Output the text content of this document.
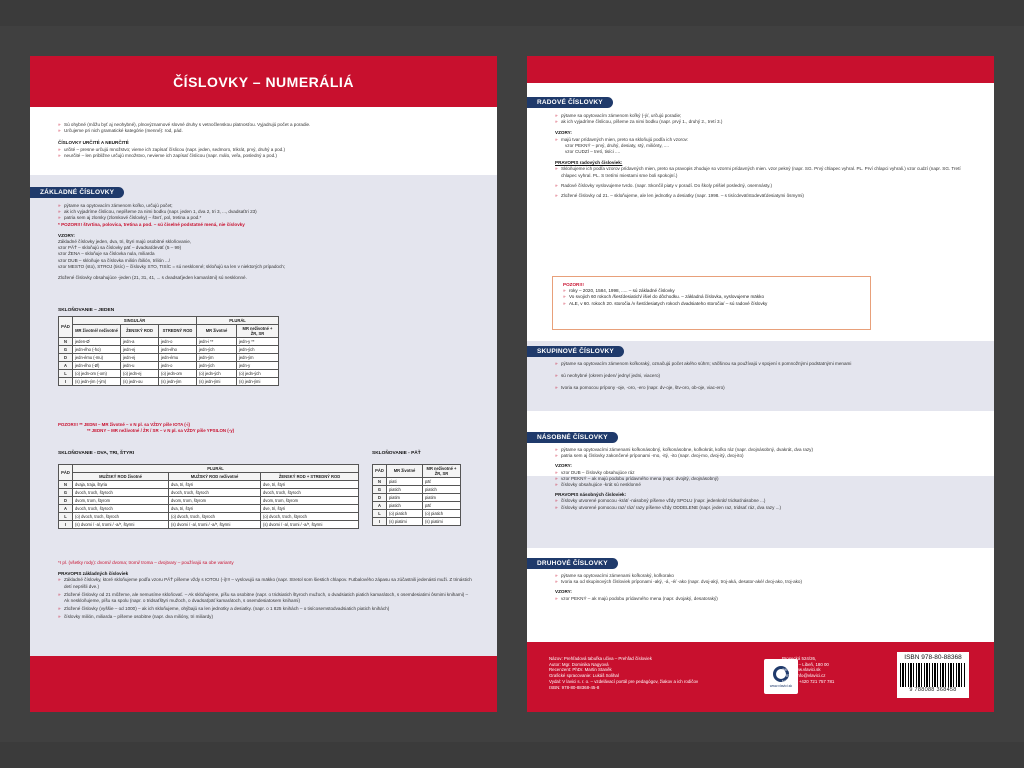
ČÍSLOVKY – NUMERÁLIÁ
» Sú ohybné (môžu byť aj neohybné), plnovýznamové slovné druhy s vetnočlenskou platnosťou. Vyjadrujú počet a poradie.
» Určujeme pri nich gramatické kategórie (menné): rod, pád.
ČÍSLOVKY URČITÉ A NEURČITÉ
» určité – presne určujú množstvo; vieme ich zapísať číslicou (napr. jeden, sedmoro, trikrát, prvý, druhý a pod.)
» neurčité – len približne určujú množstvo, nevieme ich zapísať číslicou (napr. málo, veľa, posledný a pod.)
ZÁKLADNÉ ČÍSLOVKY
» pýtame sa opytovacím zámenom koľko, určujú počet;
» ak ich vyjadríme číslicou, nepíšeme za nimi bodku (napr. jeden 1, dva 2, tri 3, ..., dvadsaťtri 23)
» patria sem aj zlomky (zlomkové číslovky) – štvrť, pol, tretina a pod.*
* POZOR!!! štvrtina, polovica, tretina a pod. – sú číselné podstatné mená, nie číslovky
VZORY:
Základné číslovky jeden, dva, tri, štyri majú osobitné skloňovanie,
vzor PÄŤ – skloňujú sa číslovky päť – dvadsaťdeväť (5 – 99)
vzor ŽENA – skloňuje sa číslovka nula, miliarda
vzor DUB – skloňuje sa číslovka milión /bilión, trilión .../
vzor MESTO (sto), STROJ (tisíc) – číslovky STO, TISÍC = sú nesklonné; skloňujú sa len v niektorých prípadoch;
Zložené číslovky obsahujúce -jeden (21, 31, 41, ... s dvadsaťjeden kamarátmi) sú nesklonné.
SKLOŇOVANIE – JEDEN
PÁD	SINGULÁR			PLURÁL	
	MR životné/ neživotné	ŽENSKÝ ROD	STREDNÝ ROD	MR životné	MR neživotné + ŽR, SR
N	jeden-Ø	jedn-a	jedn-o	jedn-i **	jedn-y **
G	jedn-ého (-ho)	jedn-ej	jedn-ého	jedn-ých	jedn-ých
D	jedn-ému (-mu)	jedn-ej	jedn-ému	jedn-ým	jedn-ým
A	jedn-ého (-Ø)	jedn-u	jedn-o	jedn-ých	jedn-y
L	(o) jedn-om (-om)	(o) jedn-ej	(o) jedn-om	(o) jedn-ých	(o) jedn-ých
I	(s) jedn-ým (-ým)	(s) jedn-ou	(s) jedn-ým	(s) jedn-ými	(s) jedn-ými
POZOR!!! ** JEDNI – MR životné – v N pl. sa VŽDY píše IOTA (-i)
** JEDNY – MR neživotné / ŽR / SR – v N pl. sa VŽDY píše YPSILON (-y)
SKLOŇOVANIE - DVA, TRI, ŠTYRI
PÁD	PLURÁL		
	MUŽSKÝ ROD životné	MUŽSKÝ ROD neživotné	ŽENSKÝ ROD + STREDNÝ ROD
N	dvaja, traja, štyria	dva, tri, štyri	dve, tri, štyri
G	dvoch, troch, štyroch	dvoch, troch, štyroch	dvoch, troch, štyroch
D	dvom, trom, štyrom	dvom, trom, štyrom	dvom, trom, štyrom
A	dvoch, troch, štyroch	dva, tri, štyri	dve, tri, štyri
L	(o) dvoch, troch, štyroch	(o) dvoch, troch, štyroch	(o) dvoch, troch, štyroch
I	(s) dvomi / -a/, tromi / -a/*, štyrmi	(s) dvomi / -a/, tromi / -a/*, štyrmi	(s) dvomi / -a/, tromi / -a/*, štyrmi
SKLOŇOVANIE - PÄŤ
PÁD	MR životné	MR neživotné + ŽR, SR
N	piati	päť
G	piatich	piatich
D	piatim	piatim
A	piatich	päť
L	(o) piatich	(o) piatich
I	(s) piatimi	(s) piatimi
*I pl. (všetky rody): dvomi/ dvoma; tromi/ troma – dvojtvary – používajú sa obe varianty
PRAVOPIS základných čísloviek
» Základné číslovky, ktoré skloňujeme podľa vzoru PÄŤ píšeme vždy s IOTOU (-i)!!! – vyslovujú sa mäkko (napr. Stretol som šiestich chlapov. Futbalového zápasu sa zúčastnili jedenásti muži. Z trinástich detí neprišli dve.)
» Zložené číslovky od 21 môžeme, ale nemusíme skloňovať. – Ak skloňujeme, píšu sa osobitne (napr. o tridsiatich štyroch mužoch, o dvadsiatich piatich kamarátoch, s osemdesiatimi ôsmimi knihami) – Ak neskloňujeme, píšu sa spolu (napr. o tridsaťštyri mužoch, o dvadsaťpäť kamarátoch, s osemdesiatosem knihami)
» Zložené číslovky (vyššie – od 1000) – ak ich skloňujeme, ohýbajú sa len jednotky a desiatky. (napr. o 1 825 knihách – o tisícosemstodvadsiatich piatich knihách)
» číslovky milión, miliarda – píšeme osobitne (napr. dva milióny, tri miliardy)
RADOVÉ ČÍSLOVKY
» pýtame sa opytovacím zámenom koľký (-ý/, určujú poradie;
» ak ich vyjadríme číslicou, píšeme za nimi bodku (napr. prvý 1., druhý 2., tretí 3.)
VZORY:
» majú tvar prídavných mien, preto sa skloňujú podľa ich vzorov:
vzor PEKNÝ – prvý, druhý, desiaty, stý, miliónty, ....
vzor CUDZÍ – tretí, tisíci ....
PRAVOPIS radových čísloviek:
» Skloňujeme ich podľa vzorov prídavných mien, preto sa pravopis zhoduje so vzormi prídavných mien. vzor pekný (napr. SG. Prvý chlapec vyhral. PL. Prví chlapci vyhrali.) vzor cudzí (napr. SG. Tretí chlapec vyhral. PL. S tretími miestami sme boli spokojní.)
» Radové číslovky vyslovujeme tvrdo. (napr. Skončil piaty v poradí. Do školy prišiel posledný, osemnásty.)
» Zložené číslovky od 21. – skloňujeme, ale len jednotky a desiatky (napr. 1998. – s tisícdeväťstodeväťdesiatymi ôsmymi)
POZOR!!!
» roky – 2020, 1584, 1998, ..... – sú základné číslovky
» Vo svojich 60 rokoch /šesťdesiatich/ išiel do dôchodku. – základná číslovka, vyslovujeme mäkko
» ALE, v 60. rokoch 20. storočia /v šesťdesiatych rokoch dvadsiateho storočia/ – sú radové číslovky
SKUPINOVÉ ČÍSLOVKY
» pýtame sa opytovacím zámenom koľkoraký, označujú počet akého súhrn; väčšinou sa používajú v spojení s pomnožnými podstatnými menami
» sú neohybné (okrem jeden/ jedny/ jedni, viacero)
» tvoria sa pomocou prípony -oje, -oro, -ero (napr. dv-oje, štv-oro, ob-oje, viac-ero)
NÁSOBNÉ ČÍSLOVKY
» pýtame sa opytovacími zámenami koľkonásobný, koľkonásobne, koľkokrát, koľko ráz (napr. dvojnásobný, dvakrát, dva razy)
» patria sem aj číslovky zakončené príponami -mo, -itý, -ito (napr. dvoj-mo, dvoj-itý, dvoj-ito)
VZORY:
» vzor DUB – číslovky obsahujúce ráz
» vzor PEKNÝ – ak majú podobu prídavného mena (napr. dvojitý, dvojnásobný)
» číslovky obsahujúce -krát sú nesklonné
PRAVOPIS násobných čísloviek:
» číslovky utvorené pomocou -krát/ -násobný píšeme vždy SPOLU (napr. jedenkrát/ tridsaťnásobne ...)
» číslovky utvorené pomocou raz/ ráz/ razy píšeme vždy ODDELENE (napr. jeden raz, tridsať ráz, dva razy ...)
DRUHOVÉ ČÍSLOVKY
» pýtame sa opytovacími zámenami koľkoraký, koľkorako
» tvoria sa od skupinových čísloviek príponami -aký, -á, -é/ -ako (napr. dvoj-aký, troj-aká, desator-aké/ dvoj-ako, troj-ako)
VZORY:
» vzor PEKNÝ – ak majú podobu prídavného mena (napr. dvojaký, desatoraký)
Názov: Prehľadová tabuľka učiva – Prehľad čísloviek
Autor: Mgr. Dominika Nagyová
Recenzent: PhDr. Martin Staněk
Grafické spracovanie: Lukáš Solihal
Vydal: V lavici s. r. o. – vzdelávací portál pre pedagógov, žiakov a ich rodičov
ISBN: 978-80-88368-45-8	www.vlavici.sk
Prosecká 524/26,
Praha 9 – Libeň, 180 00
web: www.vlavici.sk
e-mail: info@vlavici.cz
telefón.: +420 721 757 781
ISBN 978-80-88368
9 788088 368458
